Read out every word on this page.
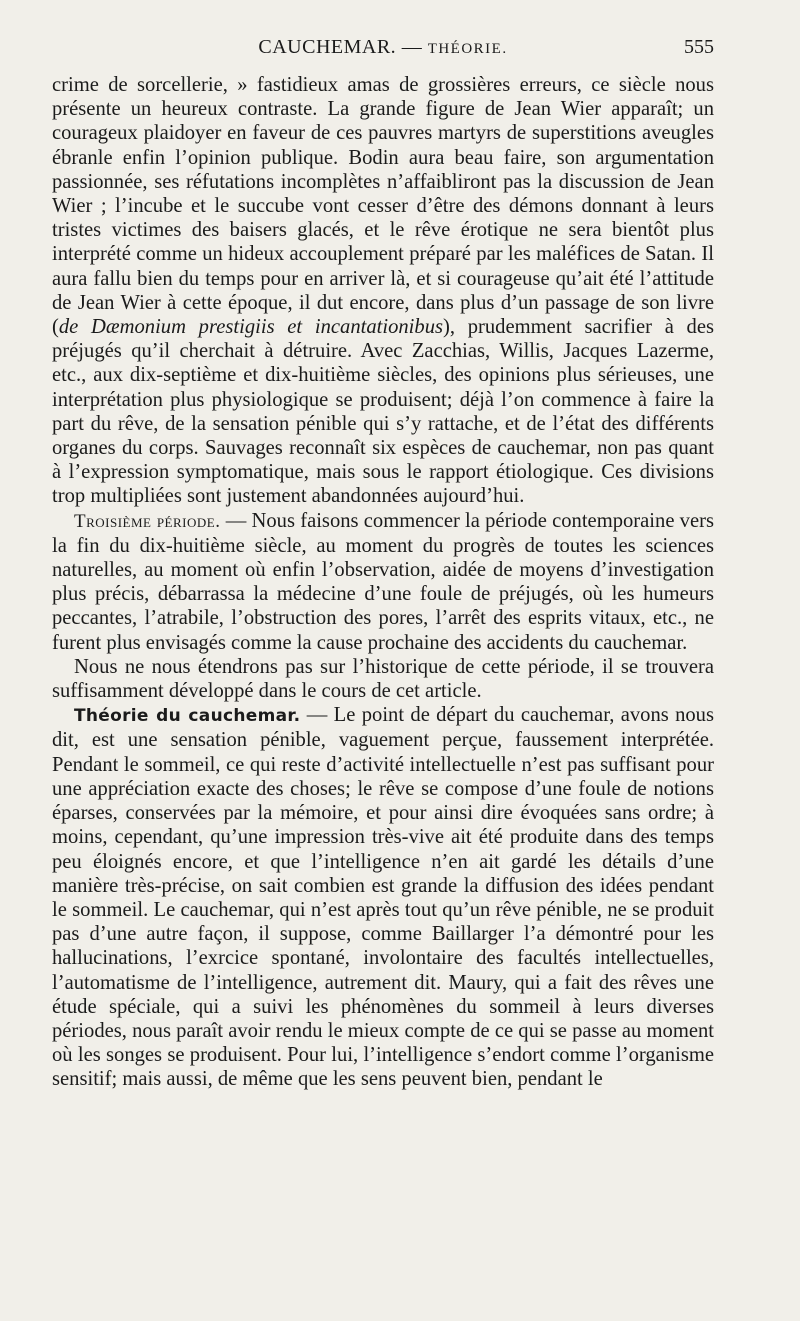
CAUCHEMAR. — THÉORIE.	555

crime de sorcellerie, » fastidieux amas de grossières erreurs, ce siècle nous présente un heureux contraste. La grande figure de Jean Wier apparaît; un courageux plaidoyer en faveur de ces pauvres martyrs de superstitions aveugles ébranle enfin l’opinion publique. Bodin aura beau faire, son argumentation passionnée, ses réfutations incomplètes n’affaibliront pas la discussion de Jean Wier ; l’incube et le succube vont cesser d’être des démons donnant à leurs tristes victimes des baisers glacés, et le rêve érotique ne sera bientôt plus interprété comme un hideux accouplement préparé par les maléfices de Satan. Il aura fallu bien du temps pour en arriver là, et si courageuse qu’ait été l’attitude de Jean Wier à cette époque, il dut encore, dans plus d’un passage de son livre (de Dæmonium prestigiis et incantationibus), prudemment sacrifier à des préjugés qu’il cherchait à détruire. Avec Zacchias, Willis, Jacques Lazerme, etc., aux dix-septième et dix-huitième siècles, des opinions plus sérieuses, une interprétation plus physiologique se produisent; déjà l’on commence à faire la part du rêve, de la sensation pénible qui s’y rattache, et de l’état des différents organes du corps. Sauvages reconnaît six espèces de cauchemar, non pas quant à l’expression symptomatique, mais sous le rapport étiologique. Ces divisions trop multipliées sont justement abandonnées aujourd’hui.

Troisième période. — Nous faisons commencer la période contemporaine vers la fin du dix-huitième siècle, au moment du progrès de toutes les sciences naturelles, au moment où enfin l’observation, aidée de moyens d’investigation plus précis, débarrassa la médecine d’une foule de préjugés, où les humeurs peccantes, l’atrabile, l’obstruction des pores, l’arrêt des esprits vitaux, etc., ne furent plus envisagés comme la cause prochaine des accidents du cauchemar.

Nous ne nous étendrons pas sur l’historique de cette période, il se trouvera suffisamment développé dans le cours de cet article.

Théorie du cauchemar. — Le point de départ du cauchemar, avons nous dit, est une sensation pénible, vaguement perçue, faussement interprétée. Pendant le sommeil, ce qui reste d’activité intellectuelle n’est pas suffisant pour une appréciation exacte des choses; le rêve se compose d’une foule de notions éparses, conservées par la mémoire, et pour ainsi dire évoquées sans ordre; à moins, cependant, qu’une impression très-vive ait été produite dans des temps peu éloignés encore, et que l’intelligence n’en ait gardé les détails d’une manière très-précise, on sait combien est grande la diffusion des idées pendant le sommeil. Le cauchemar, qui n’est après tout qu’un rêve pénible, ne se produit pas d’une autre façon, il suppose, comme Baillarger l’a démontré pour les hallucinations, l’exrcice spontané, involontaire des facultés intellectuelles, l’automatisme de l’intelligence, autrement dit. Maury, qui a fait des rêves une étude spéciale, qui a suivi les phénomènes du sommeil à leurs diverses périodes, nous paraît avoir rendu le mieux compte de ce qui se passe au moment où les songes se produisent. Pour lui, l’intelligence s’endort comme l’organisme sensitif; mais aussi, de même que les sens peuvent bien, pendant le
